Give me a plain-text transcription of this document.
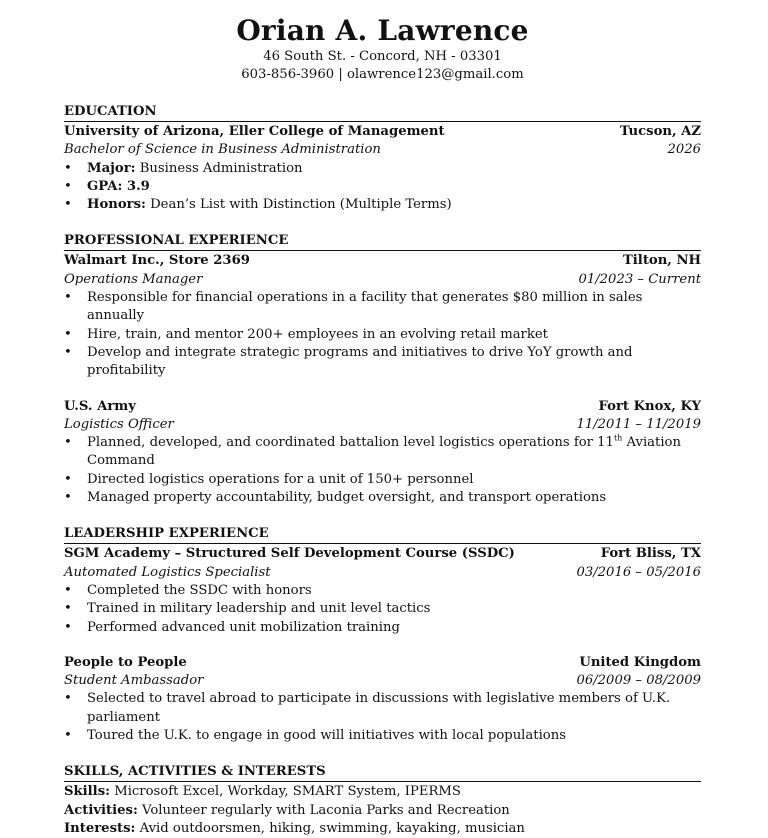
Orian A. Lawrence
46 South St. - Concord, NH - 03301
603-856-3960 | olawrence123@gmail.com
EDUCATION
University of Arizona, Eller College of Management	Tucson, AZ
Bachelor of Science in Business Administration	2026
• Major: Business Administration
• GPA: 3.9
• Honors: Dean’s List with Distinction (Multiple Terms)
PROFESSIONAL EXPERIENCE
Walmart Inc., Store 2369	Tilton, NH
Operations Manager	01/2023 – Current
• Responsible for financial operations in a facility that generates $80 million in sales annually
• Hire, train, and mentor 200+ employees in an evolving retail market
• Develop and integrate strategic programs and initiatives to drive YoY growth and profitability
U.S. Army	Fort Knox, KY
Logistics Officer	11/2011 – 11/2019
• Planned, developed, and coordinated battalion level logistics operations for 11th Aviation
Command
• Directed logistics operations for a unit of 150+ personnel
• Managed property accountability, budget oversight, and transport operations
LEADERSHIP EXPERIENCE
SGM Academy – Structured Self Development Course (SSDC)	Fort Bliss, TX
Automated Logistics Specialist	03/2016 – 05/2016
• Completed the SSDC with honors
• Trained in military leadership and unit level tactics
• Performed advanced unit mobilization training
People to People	United Kingdom
Student Ambassador	06/2009 – 08/2009
• Selected to travel abroad to participate in discussions with legislative members of U.K.
parliament
• Toured the U.K. to engage in good will initiatives with local populations
SKILLS, ACTIVITIES & INTERESTS
Skills: Microsoft Excel, Workday, SMART System, IPERMS
Activities: Volunteer regularly with Laconia Parks and Recreation
Interests: Avid outdoorsmen, hiking, swimming, kayaking, musician
